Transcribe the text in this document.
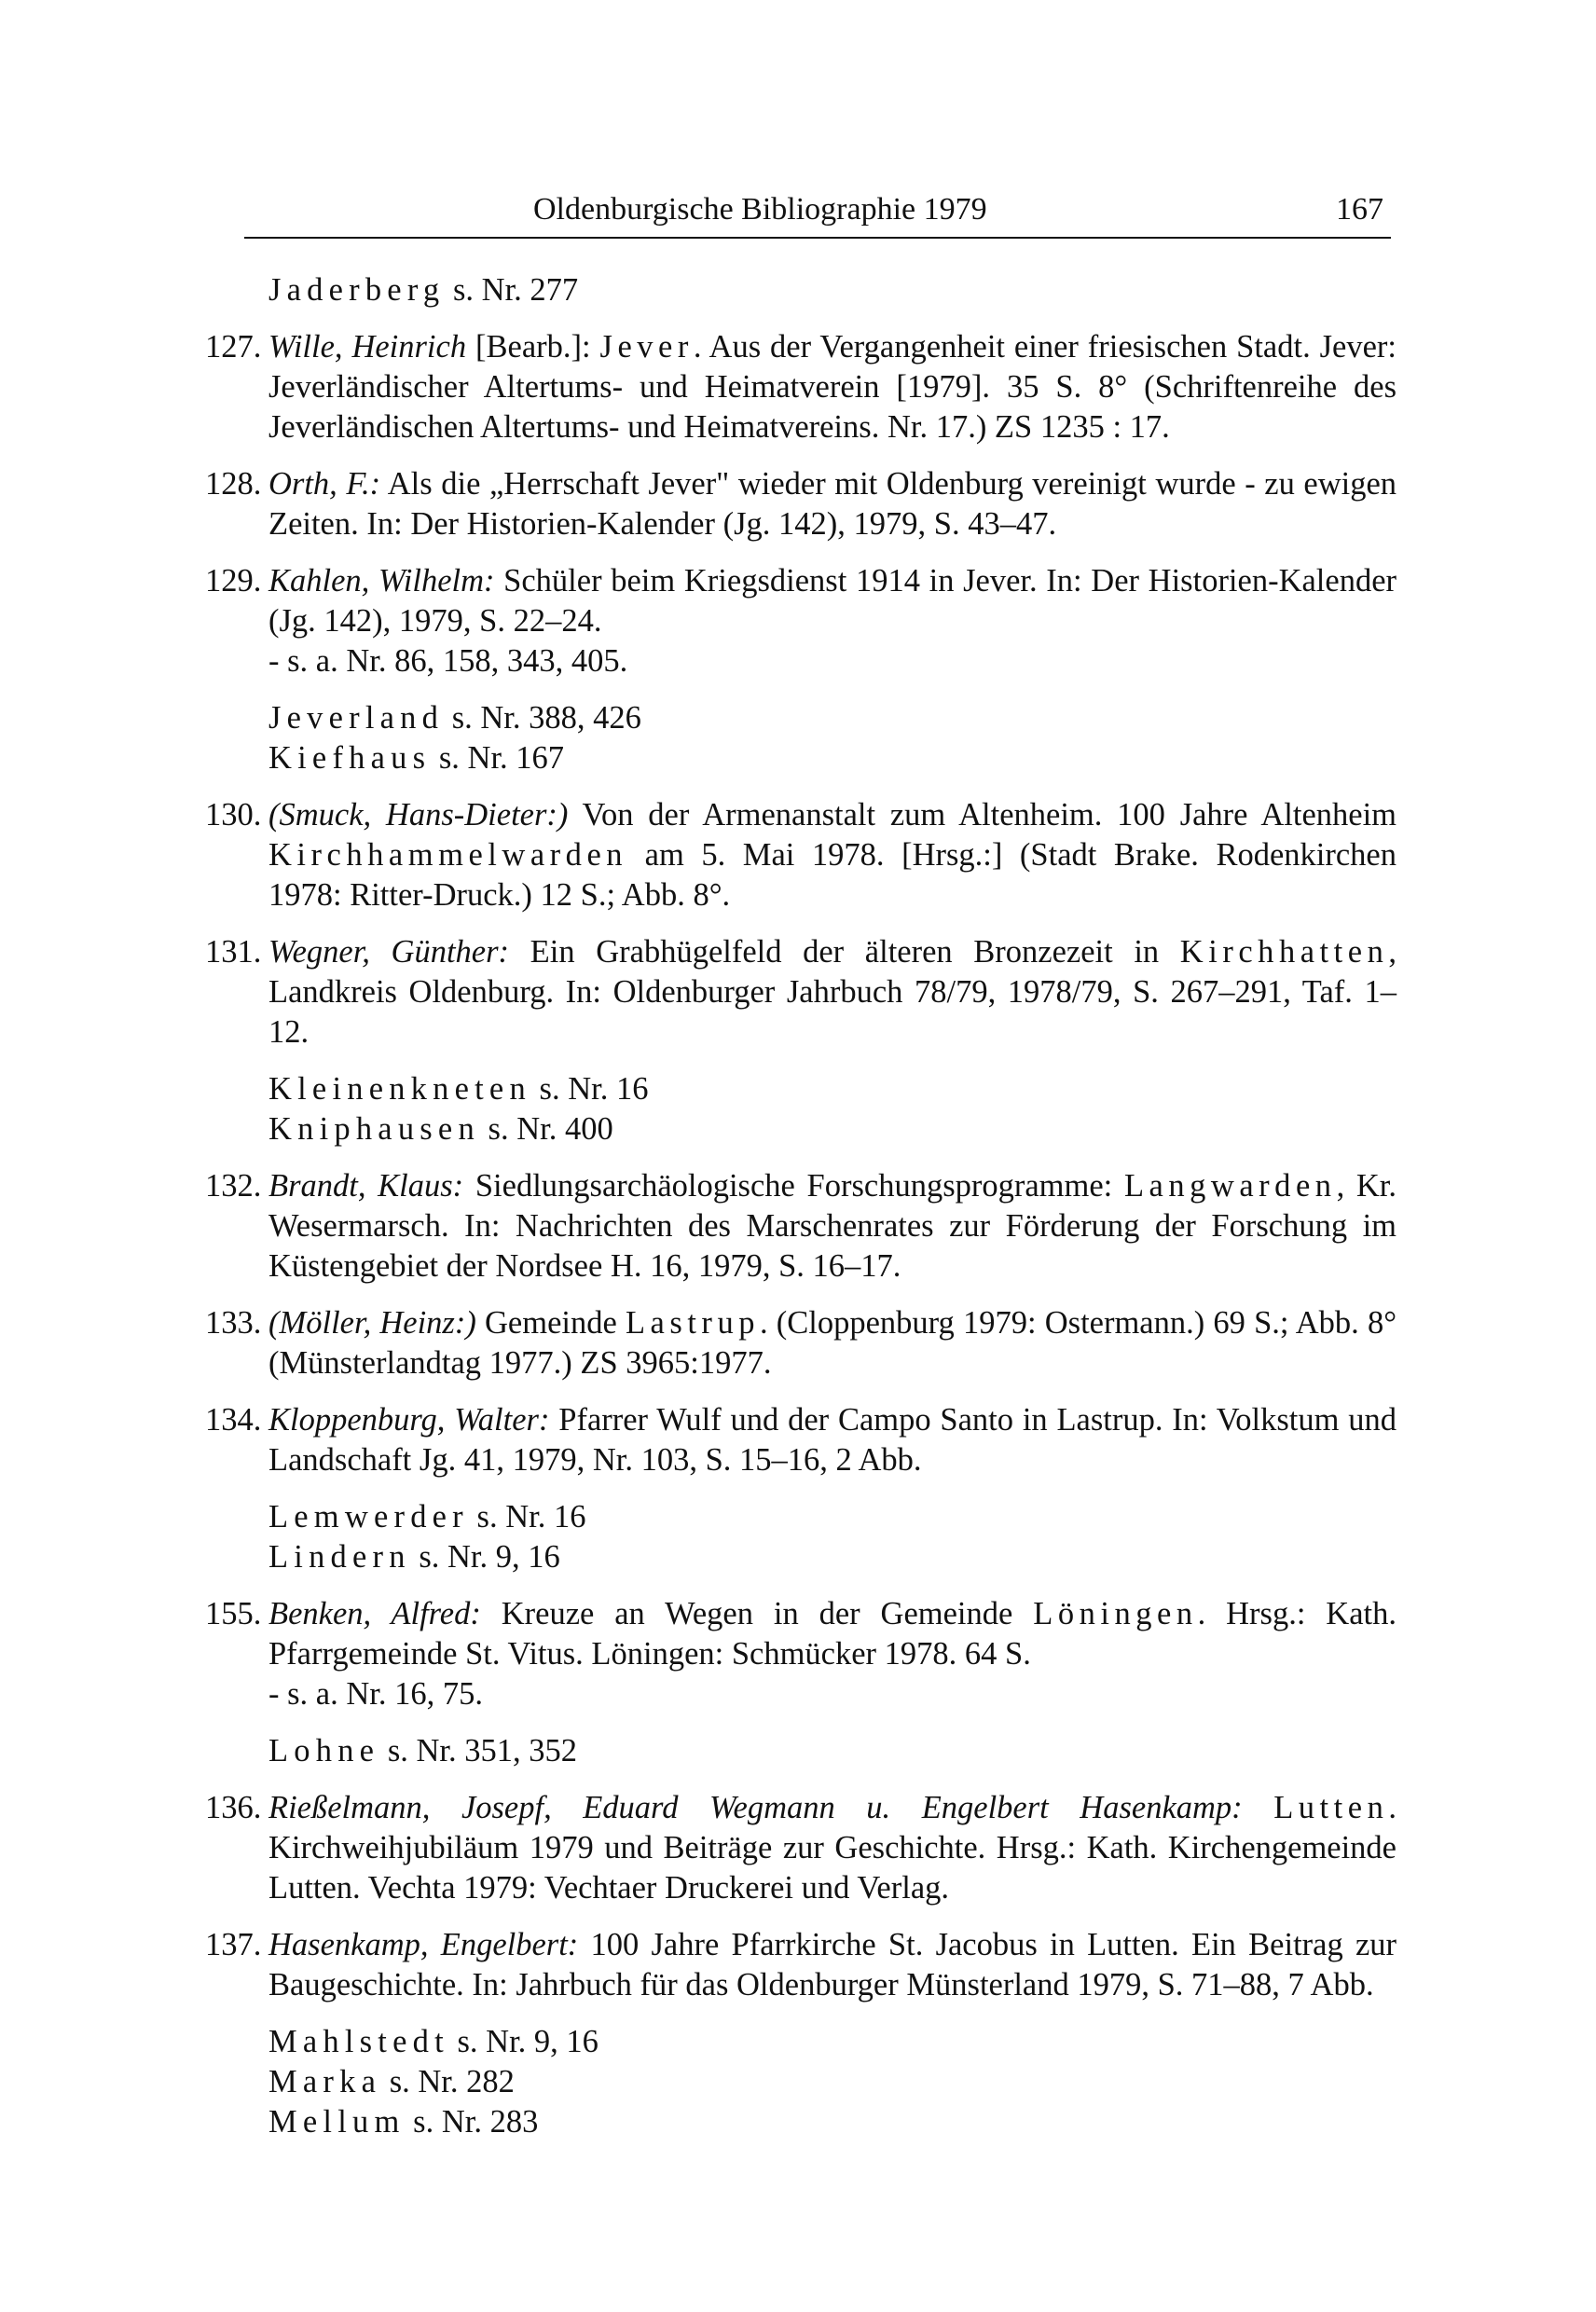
Oldenburgische Bibliographie 1979	167
Jaderberg s. Nr. 277
127. Wille, Heinrich [Bearb.]: Jever. Aus der Vergangenheit einer friesischen Stadt. Jever: Jeverländischer Altertums- und Heimatverein [1979]. 35 S. 8° (Schriftenreihe des Jeverländischen Altertums- und Heimatvereins. Nr. 17.) ZS 1235 : 17.
128. Orth, F.: Als die „Herrschaft Jever" wieder mit Oldenburg vereinigt wurde - zu ewigen Zeiten. In: Der Historien-Kalender (Jg. 142), 1979, S. 43–47.
129. Kahlen, Wilhelm: Schüler beim Kriegsdienst 1914 in Jever. In: Der Historien-Kalender (Jg. 142), 1979, S. 22–24.
- s. a. Nr. 86, 158, 343, 405.
Jeverland s. Nr. 388, 426
Kiefhaus s. Nr. 167
130. (Smuck, Hans-Dieter:) Von der Armenanstalt zum Altenheim. 100 Jahre Altenheim Kirchhammelwarden am 5. Mai 1978. [Hrsg.:] (Stadt Brake. Rodenkirchen 1978: Ritter-Druck.) 12 S.; Abb. 8°.
131. Wegner, Günther: Ein Grabhügelfeld der älteren Bronzezeit in Kirchhatten, Landkreis Oldenburg. In: Oldenburger Jahrbuch 78/79, 1978/79, S. 267–291, Taf. 1–12.
Kleinenkneten s. Nr. 16
Kniphausen s. Nr. 400
132. Brandt, Klaus: Siedlungsarchäologische Forschungsprogramme: Langwarden, Kr. Wesermarsch. In: Nachrichten des Marschenrates zur Förderung der Forschung im Küstengebiet der Nordsee H. 16, 1979, S. 16–17.
133. (Möller, Heinz:) Gemeinde Lastrup. (Cloppenburg 1979: Ostermann.) 69 S.; Abb. 8° (Münsterlandtag 1977.) ZS 3965:1977.
134. Kloppenburg, Walter: Pfarrer Wulf und der Campo Santo in Lastrup. In: Volkstum und Landschaft Jg. 41, 1979, Nr. 103, S. 15–16, 2 Abb.
Lemwerder s. Nr. 16
Lindern s. Nr. 9, 16
155. Benken, Alfred: Kreuze an Wegen in der Gemeinde Löningen. Hrsg.: Kath. Pfarrgemeinde St. Vitus. Löningen: Schmücker 1978. 64 S.
- s. a. Nr. 16, 75.
Lohne s. Nr. 351, 352
136. Rießelmann, Josepf, Eduard Wegmann u. Engelbert Hasenkamp: Lutten. Kirchweihjubiläum 1979 und Beiträge zur Geschichte. Hrsg.: Kath. Kirchengemeinde Lutten. Vechta 1979: Vechtaer Druckerei und Verlag.
137. Hasenkamp, Engelbert: 100 Jahre Pfarrkirche St. Jacobus in Lutten. Ein Beitrag zur Baugeschichte. In: Jahrbuch für das Oldenburger Münsterland 1979, S. 71–88, 7 Abb.
Mahlstedt s. Nr. 9, 16
Marka s. Nr. 282
Mellum s. Nr. 283
